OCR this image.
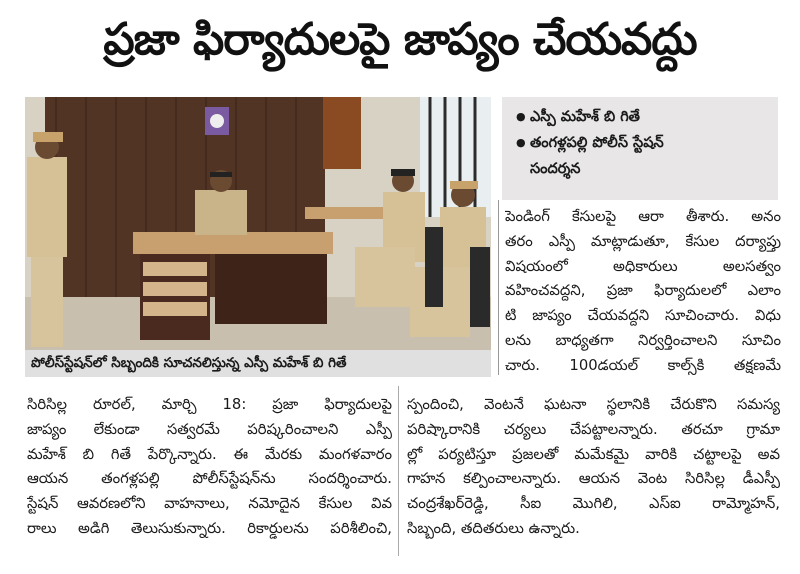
ప్రజా ఫిర్యాదులపై జాప్యం చేయవద్దు
పోలీస్‌స్టేషన్‌లో సిబ్బందికి సూచనలిస్తున్న ఎస్పీ మహేశ్‌ బి గితే
● ఎస్పీ మహేశ్‌ బి గితే
● తంగళ్లపల్లి పోలీస్‌ స్టేషన్‌
సందర్శన
పెండింగ్‌ కేసులపై ఆరా తీశారు. అనం
తరం ఎస్పీ మాట్లాడుతూ, కేసుల దర్యాప్తు
విషయంలో అధికారులు అలసత్వం
వహించవద్దని, ప్రజా ఫిర్యాదులలో ఎలాం
టి జాప్యం చేయవద్దని సూచించారు. విధు
లను బాధ్యతగా నిర్వర్తించాలని సూచిం
చారు. 100డయల్‌ కాల్స్‌కి తక్షణమే
సిరిసిల్ల రూరల్‌, మార్చి 18: ప్రజా ఫిర్యాదులపై
జాప్యం లేకుండా సత్వరమే పరిష్కరించాలని ఎస్పీ
మహేశ్‌ బి గితే పేర్కొన్నారు. ఈ మేరకు మంగళవారం
ఆయన తంగళ్లపల్లి పోలీస్‌స్టేషన్‌ను సందర్శించారు.
స్టేషన్‌ ఆవరణలోని వాహనాలు, నమోదైన కేసుల వివ
రాలు అడిగి తెలుసుకున్నారు. రికార్డులను పరిశీలించి,
స్పందించి, వెంటనే ఘటనా స్థలానికి చేరుకొని సమస్య
పరిష్కారానికి చర్యలు చేపట్టాలన్నారు. తరచూ గ్రామా
ల్లో పర్యటిస్తూ ప్రజలతో మమేకమై వారికి చట్టాలపై అవ
గాహన కల్పించాలన్నారు. ఆయన వెంట సిరిసిల్ల డీఎస్పీ
చంద్రశేఖర్‌రెడ్డి, సీఐ మొగిలి, ఎస్‌ఐ రామ్మోహన్‌,
సిబ్బంది, తదితరులు ఉన్నారు.
